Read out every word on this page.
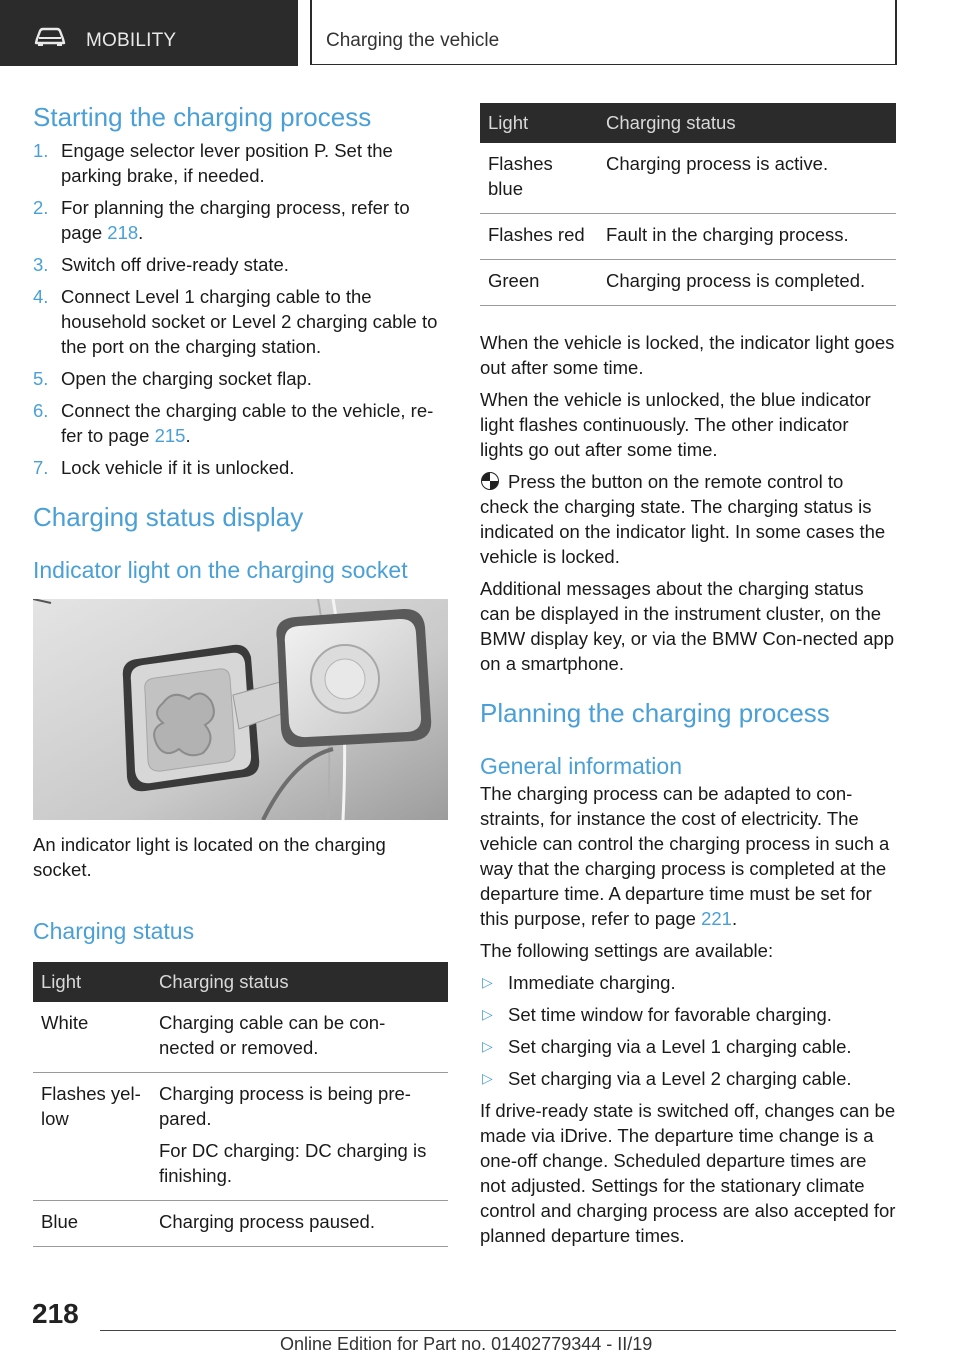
MOBILITY	Charging the vehicle
Starting the charging process
1. Engage selector lever position P. Set the parking brake, if needed.
2. For planning the charging process, refer to page 218.
3. Switch off drive-ready state.
4. Connect Level 1 charging cable to the household socket or Level 2 charging cable to the port on the charging station.
5. Open the charging socket flap.
6. Connect the charging cable to the vehicle, re-fer to page 215.
7. Lock vehicle if it is unlocked.
Charging status display
Indicator light on the charging socket

An indicator light is located on the charging socket.

Charging status
Light	Charging status
White	Charging cable can be con-nected or removed.

Flashes yel-low	Charging process is being pre-pared.
For DC charging: DC charging is finishing.

Blue	Charging process paused.
Light	Charging status
Flashes blue	Charging process is active.

Flashes red	Fault in the charging process.

Green	Charging process is completed.

When the vehicle is locked, the indicator light goes out after some time.

When the vehicle is unlocked, the blue indicator light flashes continuously. The other indicator lights go out after some time.

Press the button on the remote control to check the charging state. The charging status is indicated on the indicator light. In some cases the vehicle is locked.

Additional messages about the charging status can be displayed in the instrument cluster, on the BMW display key, or via the BMW Con-nected app on a smartphone.

Planning the charging process
General information

The charging process can be adapted to con-straints, for instance the cost of electricity. The vehicle can control the charging process in such a way that the charging process is completed at the departure time. A departure time must be set for this purpose, refer to page 221.

The following settings are available:

▷ Immediate charging.
▷ Set time window for favorable charging.
▷ Set charging via a Level 1 charging cable.
▷ Set charging via a Level 2 charging cable.

If drive-ready state is switched off, changes can be made via iDrive. The departure time change is a one-off change. Scheduled departure times are not adjusted. Settings for the stationary climate control and charging process are also accepted for planned departure times.

218
Online Edition for Part no. 01402779344 - II/19
